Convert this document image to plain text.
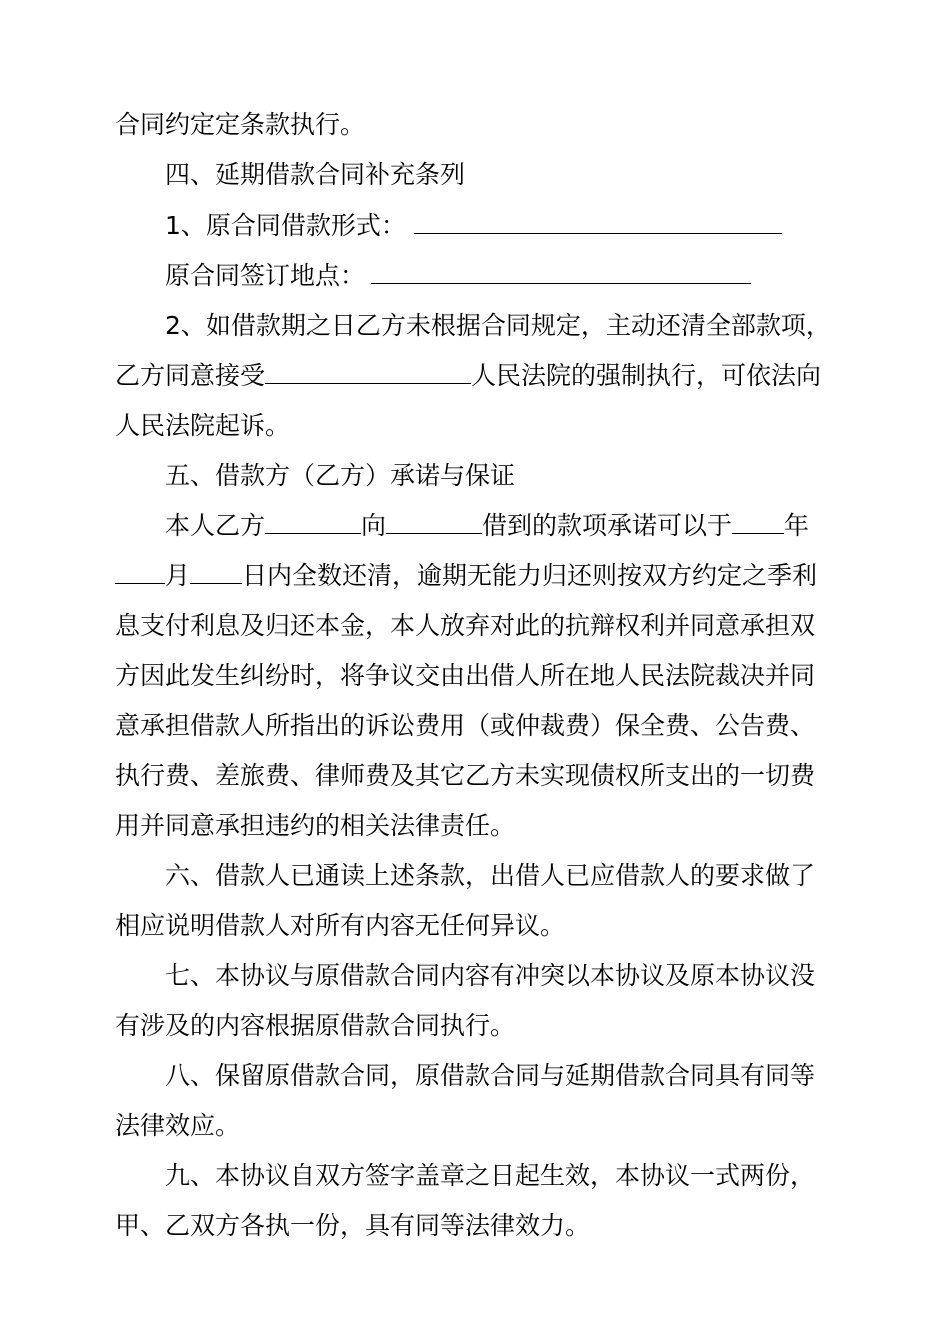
合同约定定条款执行。
四、延期借款合同补充条列
1、原合同借款形式：
原合同签订地点：
2、如借款期之日乙方未根据合同规定，主动还清全部款项，
乙方同意接受	人民法院的强制执行，可依法向
人民法院起诉。
五、借款方（乙方）承诺与保证
本人乙方	向	借到的款项承诺可以于 年
月 日内全数还清，逾期无能力归还则按双方约定之季利
息支付利息及归还本金，本人放弃对此的抗辩权利并同意承担双
方因此发生纠纷时，将争议交由出借人所在地人民法院裁决并同
意承担借款人所指出的诉讼费用（或仲裁费）保全费、公告费、
执行费、差旅费、律师费及其它乙方未实现债权所支出的一切费
用并同意承担违约的相关法律责任。
六、借款人已通读上述条款，出借人已应借款人的要求做了
相应说明借款人对所有内容无任何异议。
七、本协议与原借款合同内容有冲突以本协议及原本协议没
有涉及的内容根据原借款合同执行。
八、保留原借款合同，原借款合同与延期借款合同具有同等
法律效应。
九、本协议自双方签字盖章之日起生效，本协议一式两份，
甲、乙双方各执一份，具有同等法律效力。
